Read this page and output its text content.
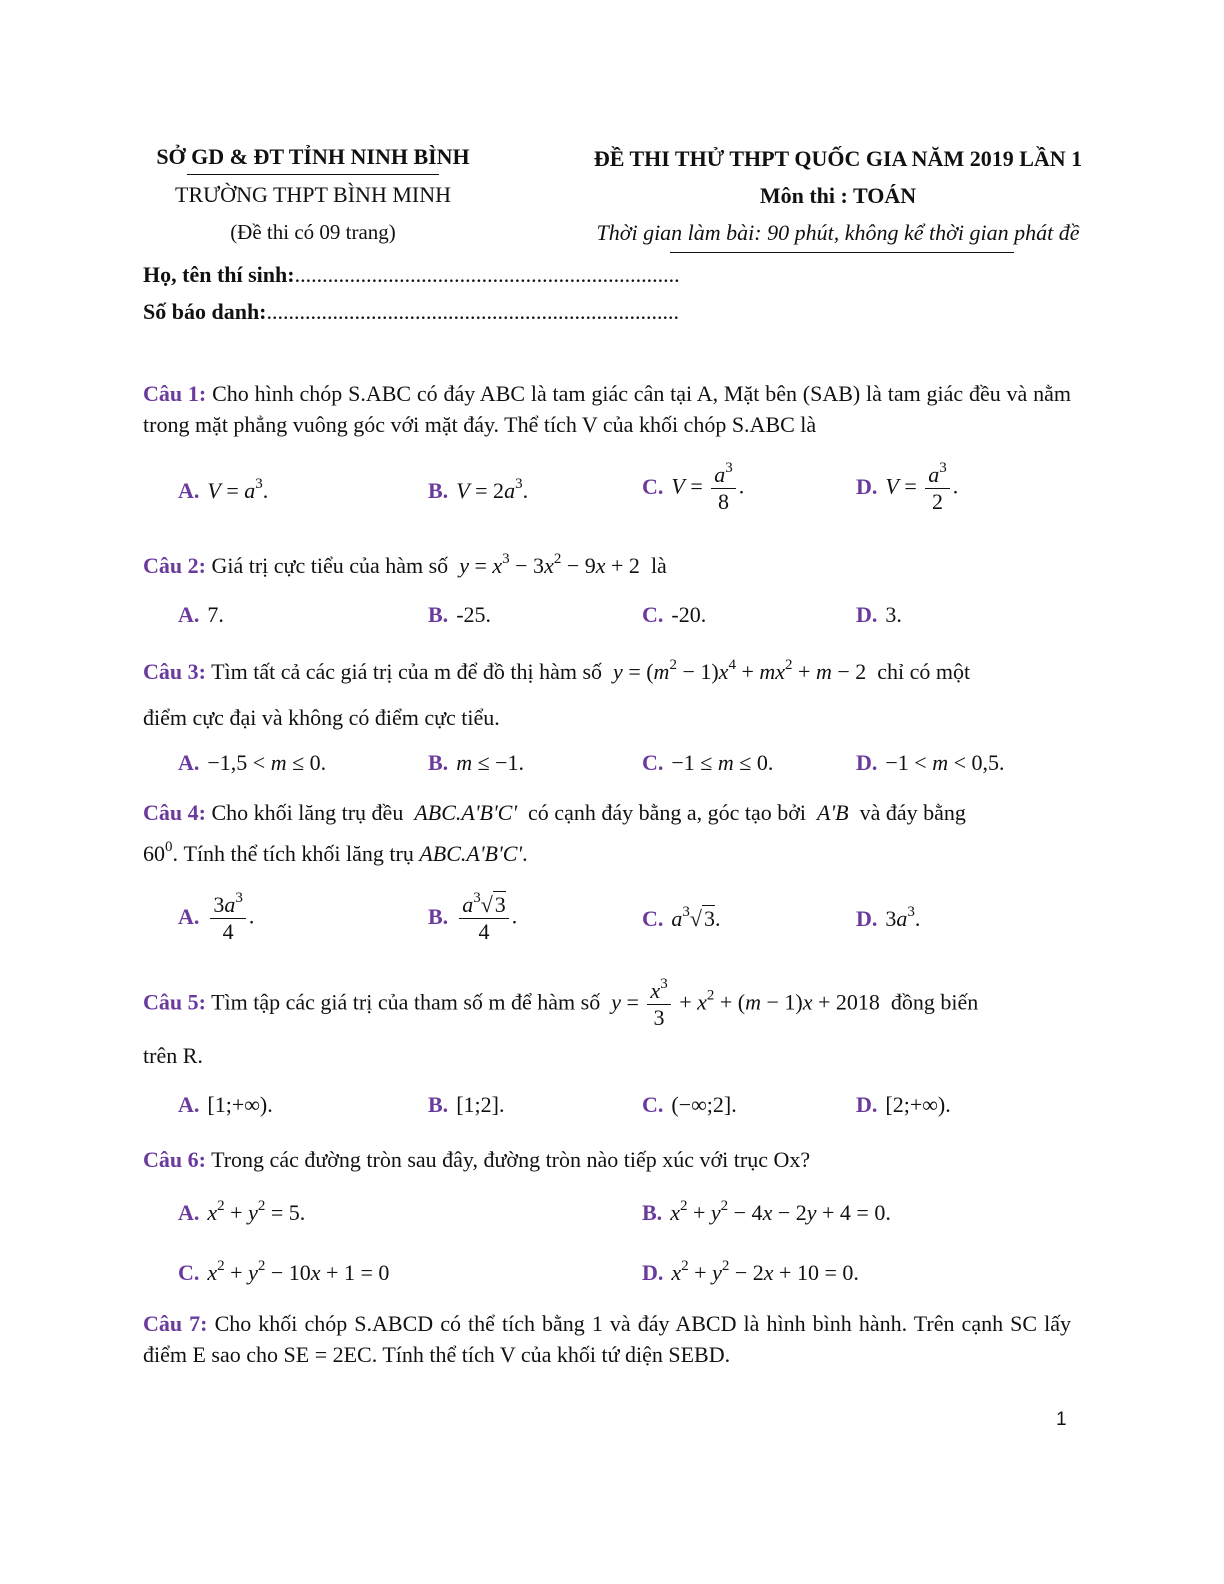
SỞ GD & ĐT TỈNH NINH BÌNH
TRƯỜNG THPT BÌNH MINH
(Đề thi có 09 trang)
ĐỀ THI THỬ THPT QUỐC GIA NĂM 2019 LẦN 1
Môn thi : TOÁN
Thời gian làm bài: 90 phút, không kể thời gian phát đề
Họ, tên thí sinh:......................................................................
Số báo danh:...........................................................................
Câu 1: Cho hình chóp S.ABC có đáy ABC là tam giác cân tại A, Mặt bên (SAB) là tam giác đều và nằm trong mặt phẳng vuông góc với mặt đáy. Thể tích V của khối chóp S.ABC là
A. $V = a^3$.	B. $V = 2a^3$.	C. $V = \frac{a^3}{8}$ .	D. $V = \frac{a^3}{2}$ .
Câu 2: Giá trị cực tiểu của hàm số $y = x^3 - 3x^2 - 9x + 2$  là
A. 7.	B. -25.	C. -20.	D. 3.
Câu 3: Tìm tất cả các giá trị của m để đồ thị hàm số $y = (m^2 - 1)x^4 + mx^2 + m - 2$  chỉ có một
điểm cực đại và không có điểm cực tiểu.
A. −1,5 < m ≤ 0.	B. m ≤ −1.	C. −1 ≤ m ≤ 0.	D. −1 < m < 0,5.
Câu 4: Cho khối lăng trụ đều ABC.A'B'C' có cạnh đáy bằng a, góc tạo bởi A'B và đáy bằng
$60^0$. Tính thể tích khối lăng trụ ABC.A'B'C'.
A. $\frac{3a^3}{4}$ .	B. $\frac{a^3√3}{4}$ .	C. $a^3√3$.	D. $3a^3$.
Câu 5: Tìm tập các giá trị của tham số m để hàm số $y = \frac{x^3}{3} + x^2 + (m - 1)x + 2018$  đồng biến
trên R.
A. [1;+∞).	B. [1;2].	C. (−∞;2].	D. [2;+∞).
Câu 6: Trong các đường tròn sau đây, đường tròn nào tiếp xúc với trục Ox?
A. $x^2 + y^2 = 5$.	B. $x^2 + y^2 - 4x - 2y + 4 = 0$.
C. $x^2 + y^2 - 10x + 1 = 0$	D. $x^2 + y^2 - 2x + 10 = 0$.
Câu 7: Cho khối chóp S.ABCD có thể tích bằng 1 và đáy ABCD là hình bình hành. Trên cạnh SC lấy điểm E sao cho SE = 2EC. Tính thể tích V của khối tứ diện SEBD.
1
